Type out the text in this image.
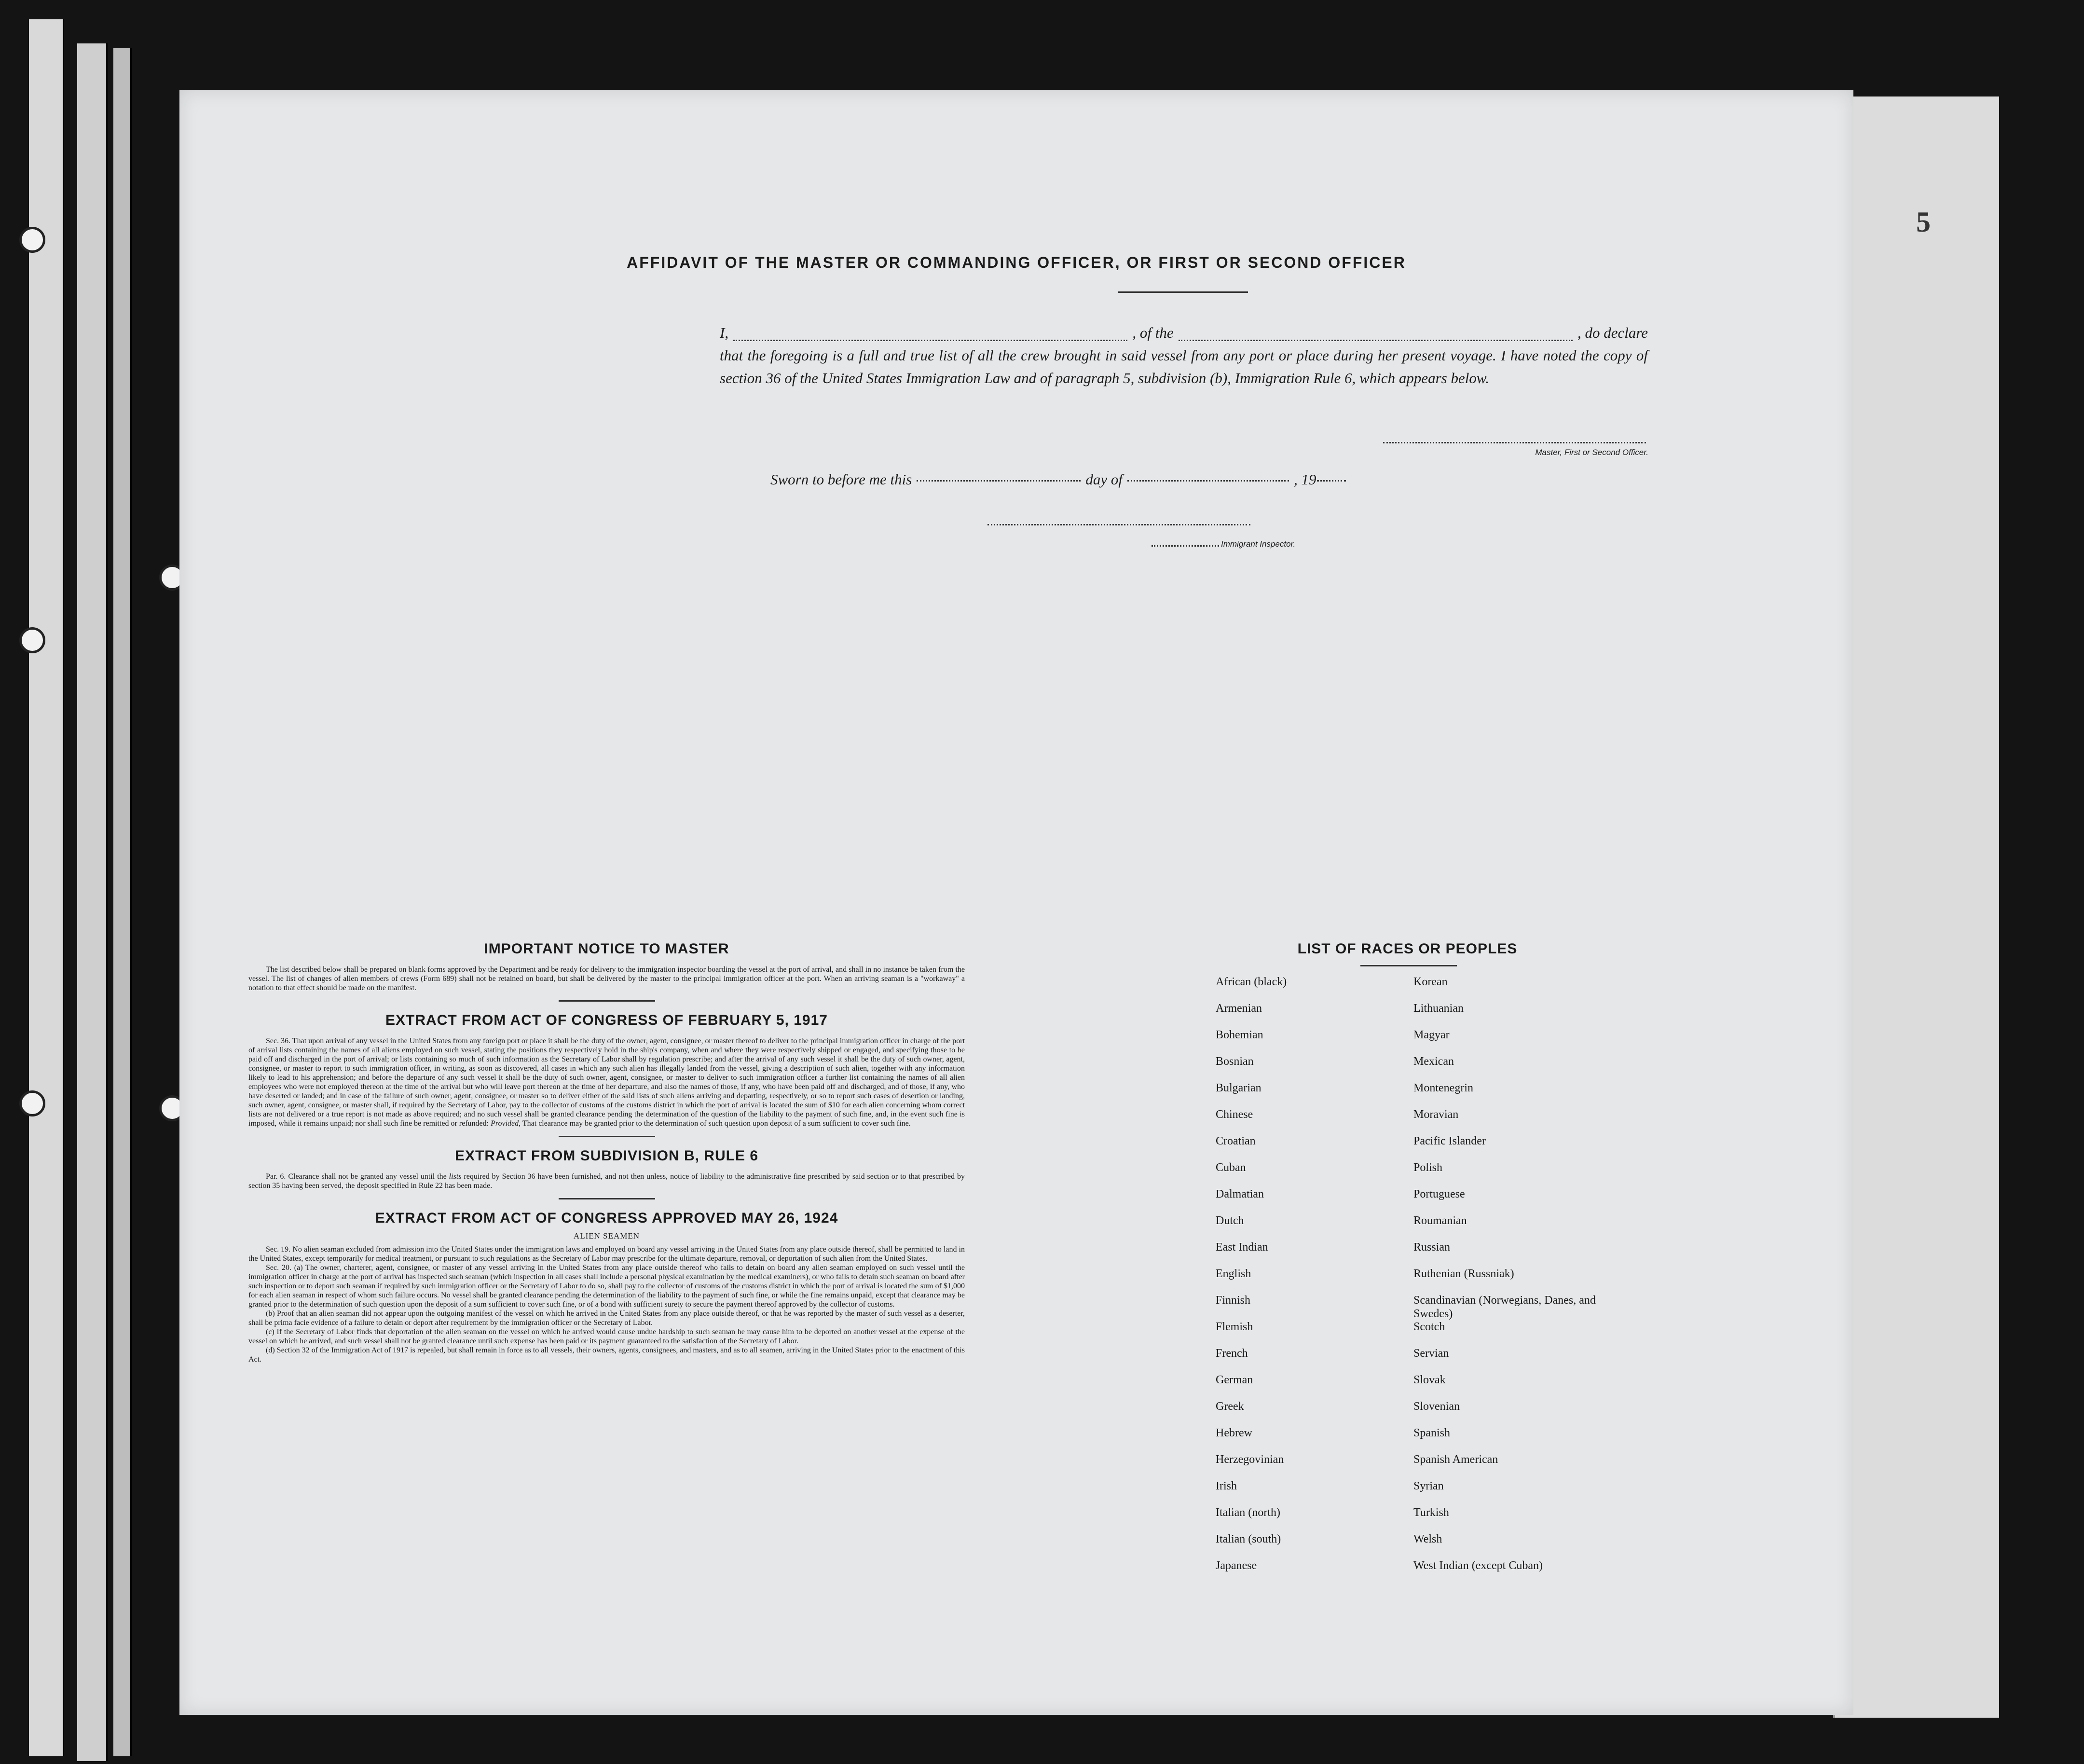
5
AFFIDAVIT OF THE MASTER OR COMMANDING OFFICER, OR FIRST OR SECOND OFFICER
I,	, of the	, do declare
that the foregoing is a full and true list of all the crew brought in said vessel from any port or place during her present voyage. I have noted the copy of section 36 of the United States Immigration Law and of paragraph 5, subdivision (b), Immigration Rule 6, which appears below.
Master, First or Second Officer.
Sworn to before me this	day of	, 19
Immigrant Inspector.
IMPORTANT NOTICE TO MASTER

The list described below shall be prepared on blank forms approved by the Department and be ready for delivery to the immigration inspector boarding the vessel at the port of arrival, and shall in no instance be taken from the vessel. The list of changes of alien members of crews (Form 689) shall not be retained on board, but shall be delivered by the master to the principal immigration officer at the port. When an arriving seaman is a "workaway" a notation to that effect should be made on the manifest.

EXTRACT FROM ACT OF CONGRESS OF FEBRUARY 5, 1917

Sec. 36. That upon arrival of any vessel in the United States from any foreign port or place it shall be the duty of the owner, agent, consignee, or master thereof to deliver to the principal immigration officer in charge of the port of arrival lists containing the names of all aliens employed on such vessel, stating the positions they respectively hold in the ship's company, when and where they were respectively shipped or engaged, and specifying those to be paid off and discharged in the port of arrival; or lists containing so much of such information as the Secretary of Labor shall by regulation prescribe; and after the arrival of any such vessel it shall be the duty of such owner, agent, consignee, or master to report to such immigration officer, in writing, as soon as discovered, all cases in which any such alien has illegally landed from the vessel, giving a description of such alien, together with any information likely to lead to his apprehension; and before the departure of any such vessel it shall be the duty of such owner, agent, consignee, or master to deliver to such immigration officer a further list containing the names of all alien employees who were not employed thereon at the time of the arrival but who will leave port thereon at the time of her departure, and also the names of those, if any, who have been paid off and discharged, and of those, if any, who have deserted or landed; and in case of the failure of such owner, agent, consignee, or master so to deliver either of the said lists of such aliens arriving and departing, respectively, or so to report such cases of desertion or landing, such owner, agent, consignee, or master shall, if required by the Secretary of Labor, pay to the collector of customs of the customs district in which the port of arrival is located the sum of $10 for each alien concerning whom correct lists are not delivered or a true report is not made as above required; and no such vessel shall be granted clearance pending the determination of the question of the liability to the payment of such fine, and, in the event such fine is imposed, while it remains unpaid; nor shall such fine be remitted or refunded: Provided, That clearance may be granted prior to the determination of such question upon deposit of a sum sufficient to cover such fine.

EXTRACT FROM SUBDIVISION B, RULE 6

Par. 6. Clearance shall not be granted any vessel until the lists required by Section 36 have been furnished, and not then unless, notice of liability to the administrative fine prescribed by said section or to that prescribed by section 35 having been served, the deposit specified in Rule 22 has been made.

EXTRACT FROM ACT OF CONGRESS APPROVED MAY 26, 1924
ALIEN SEAMEN

Sec. 19. No alien seaman excluded from admission into the United States under the immigration laws and employed on board any vessel arriving in the United States from any place outside thereof, shall be permitted to land in the United States, except temporarily for medical treatment, or pursuant to such regulations as the Secretary of Labor may prescribe for the ultimate departure, removal, or deportation of such alien from the United States.

Sec. 20. (a) The owner, charterer, agent, consignee, or master of any vessel arriving in the United States from any place outside thereof who fails to detain on board any alien seaman employed on such vessel until the immigration officer in charge at the port of arrival has inspected such seaman (which inspection in all cases shall include a personal physical examination by the medical examiners), or who fails to detain such seaman on board after such inspection or to deport such seaman if required by such immigration officer or the Secretary of Labor to do so, shall pay to the collector of customs of the customs district in which the port of arrival is located the sum of $1,000 for each alien seaman in respect of whom such failure occurs. No vessel shall be granted clearance pending the determination of the liability to the payment of such fine, or while the fine remains unpaid, except that clearance may be granted prior to the determination of such question upon the deposit of a sum sufficient to cover such fine, or of a bond with sufficient surety to secure the payment thereof approved by the collector of customs.

(b) Proof that an alien seaman did not appear upon the outgoing manifest of the vessel on which he arrived in the United States from any place outside thereof, or that he was reported by the master of such vessel as a deserter, shall be prima facie evidence of a failure to detain or deport after requirement by the immigration officer or the Secretary of Labor.

(c) If the Secretary of Labor finds that deportation of the alien seaman on the vessel on which he arrived would cause undue hardship to such seaman he may cause him to be deported on another vessel at the expense of the vessel on which he arrived, and such vessel shall not be granted clearance until such expense has been paid or its payment guaranteed to the satisfaction of the Secretary of Labor.

(d) Section 32 of the Immigration Act of 1917 is repealed, but shall remain in force as to all vessels, their owners, agents, consignees, and masters, and as to all seamen, arriving in the United States prior to the enactment of this Act.

LIST OF RACES OR PEOPLES
African (black)	Korean
Armenian	Lithuanian
Bohemian	Magyar
Bosnian	Mexican
Bulgarian	Montenegrin
Chinese	Moravian
Croatian	Pacific Islander
Cuban	Polish
Dalmatian	Portuguese
Dutch	Roumanian
East Indian	Russian
English	Ruthenian (Russniak)
Finnish	Scandinavian (Norwegians, Danes, and Swedes)
Flemish	Scotch
French	Servian
German	Slovak
Greek	Slovenian
Hebrew	Spanish
Herzegovinian	Spanish American
Irish	Syrian
Italian (north)	Turkish
Italian (south)	Welsh
Japanese	West Indian (except Cuban)
